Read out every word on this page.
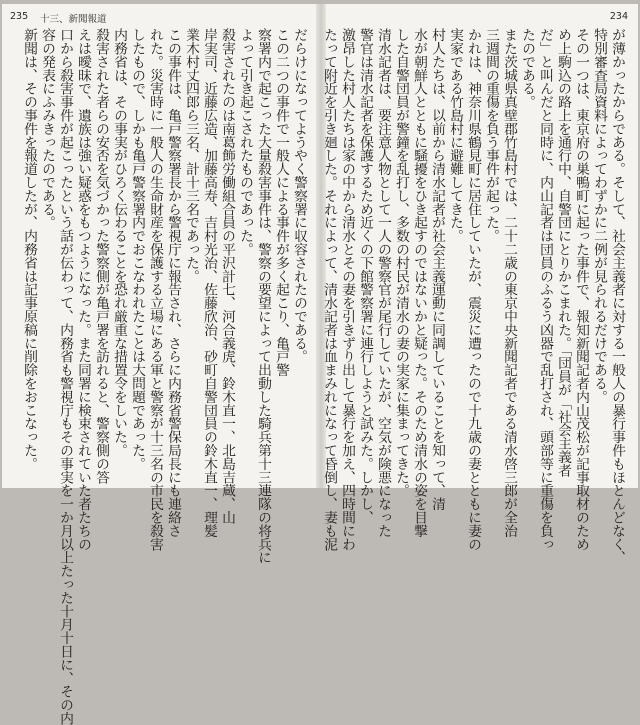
235 十三、新聞報道
だらけになってようやく警察署に収容されたのである。
この二つの事件で一般人による事件が多く起こり、亀戸警
察署内で起こった大量殺害事件は、警察の要望によって出動した騎兵第十三連隊の将兵に
よって引き起こされたものであった。
殺害されたのは南葛飾労働組合員の平沢計七、河合義虎、鈴木直一、北島吉蔵、山
岸実司、近藤広造、加藤高寿、吉村光治、佐藤欣治、砂町自警団員の鈴木直一、理髪
業木村丈四郎ら三名、計十三名であった。
この事件は、亀戸警察署長から警視庁に報告され、さらに内務省警保局長にも連絡さ
れた。災害時に一般人の生命財産を保護する立場にある軍と警察が十三名の市民を殺害
したもので、しかも亀戸警察署内でおこなわれたことは大問題であった。
内務省は、その事実がひろく伝わることを恐れ厳重な措置令をしいた。
殺害された者らの安否を気づかった警察側が亀戸署を訪れると、警察側の答
えは曖昧で、遺族は強い疑惑をもつようになった。また同署に検束されていた者たちの
口から殺害事件が起こったという話が伝わって、内務省も警視庁もその事実を一か月以上たった十月十日に、その内
容の発表にふみきったのである。
新聞は、その事件を報道したが、内務省は記事原稿に削除をおこなった。
234
が薄かったからである。そして、社会主義者に対する一般人の暴行事件もほとんどなく、
特別審査局資料によってわずかに二例が見られるだけである。
その一つは、東京府の巣鴨町に起った事件で、報知新聞記者内山茂松が記事取材のため
め上駒込の路上を通行中、自警団にとりかこまれた。「団員が「社会主義者
だ」と叫んだと同時に、内山記者は団員のふるう凶器で乱打され、頭部等に重傷を負っ
たのである。
また茨城県真壁郡竹島村では、二十二歳の東京中央新聞記者である清水啓三郎が全治
三週間の重傷を負う事件が起った。
かれは、神奈川県鶴見町に居住していたが、震災に遭ったので十九歳の妻とともに妻の
実家である竹島村に避難してきた。
村人たちは、以前から清水記者が社会主義運動に同調していることを知って、清
水が朝鮮人とともに騒擾をひき起すのではないかと疑った。そのため清水の姿を目撃
した自警団員が警鐘を乱打し、多数の村民が清水の妻の実家に集まってきた。
清水記者は、要注意人物として一人の警察官が尾行していたが、空気が険悪になった
警官は清水記者を保護するため近くの下館警察署に連行しようと試みた。しかし、
激昂した村人たちは家の中から清水とその妻を引きずり出して暴行を加え、四時間にわ
たって附近を引き廻した。それによって、清水記者は血まみれになって昏倒し、妻も泥
